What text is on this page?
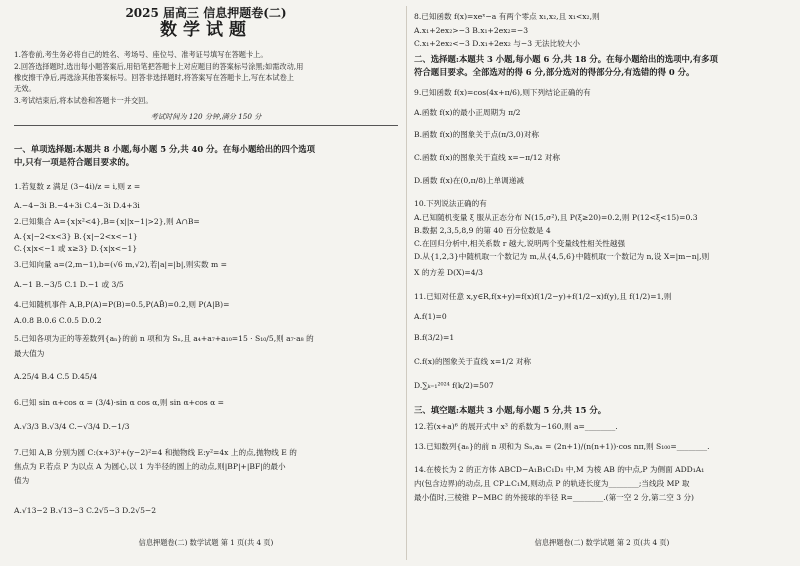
2025 届高三 信息押题卷(二)
数学试题
1.答卷前,考生务必将自己的姓名、考场号、座位号、准考证号填写在答题卡上。
2.回答选择题时,选出每小题答案后,用铅笔把答题卡上对应题目的答案标号涂黑;如需改动,用
橡皮擦干净后,再选涂其他答案标号。回答非选择题时,将答案写在答题卡上,写在本试卷上
无效。
3.考试结束后,将本试卷和答题卡一并交回。
考试时间为 120 分钟,满分 150 分
一、单项选择题:本题共 8 小题,每小题 5 分,共 40 分。在每小题给出的四个选项
中,只有一项是符合题目要求的。
1.若复数 z 满足 (3−4i)/z = i,则 z =
A.−4−3i B.−4+3i C.4−3i D.4+3i
2.已知集合 A={x|x²<4},B={x||x−1|>2},则 A∩B=
A.{x|−2<x<3} B.{x|−2<x<−1}
C.{x|x<−1 或 x≥3} D.{x|x<−1}
3.已知向量 a=(2,m−1),b=(√6 m,√2),若|a|=|b|,则实数 m =
A.−1 B.−3/5 C.1 D.−1 或 3/5
4.已知随机事件 A,B,P(A)=P(B)=0.5,P(AB̄)=0.2,则 P(A|B)=
A.0.8 B.0.6 C.0.5 D.0.2
5.已知各项为正的等差数列{aₙ}的前 n 项和为 Sₙ,且 a₄+a₇+a₁₀=15 · S₁₀/5,则 a₇·a₈ 的
最大值为
A.25/4 B.4 C.5 D.45/4
6.已知 sin α+cos α = (3/4)·sin α cos α,则 sin α+cos α =
A.√3/3 B.√3/4 C.−√3/4 D.−1/3
7.已知 A,B 分别为圆 C:(x+3)²+(y−2)²=4 和抛物线 E:y²=4x 上的点,抛物线 E 的
焦点为 F.若点 P 为以点 A 为圆心,以 1 为半径的圆上的动点,则|BP|+|BF|的最小
值为
A.√13−2 B.√13−3 C.2√5−3 D.2√5−2
信息押题卷(二) 数学试题 第 1 页(共 4 页)
8.已知函数 f(x)=xeˣ−a 有两个零点 x₁,x₂,且 x₁<x₂,则
A.x₁+2ex₂>−3 B.x₁+2ex₂=−3
C.x₁+2ex₂<−3 D.x₁+2ex₂ 与−3 无法比较大小
二、选择题:本题共 3 小题,每小题 6 分,共 18 分。在每小题给出的选项中,有多项
符合题目要求。全部选对的得 6 分,部分选对的得部分分,有选错的得 0 分。
9.已知函数 f(x)=cos(4x+π/6),则下列结论正确的有
A.函数 f(x)的最小正周期为 π/2
B.函数 f(x)的图象关于点(π/3,0)对称
C.函数 f(x)的图象关于直线 x=−π/12 对称
D.函数 f(x)在(0,π/8)上单调递减
10.下列说法正确的有
A.已知随机变量 ξ 服从正态分布 N(15,σ²),且 P(ξ≥20)=0.2,则 P(12<ξ<15)=0.3
B.数据 2,3,5,8,9 的第 40 百分位数是 4
C.在回归分析中,相关系数 r 越大,说明两个变量线性相关性越强
D.从{1,2,3}中随机取一个数记为 m,从{4,5,6}中随机取一个数记为 n,设 X=|m−n|,则
X 的方差 D(X)=4/3
11.已知对任意 x,y∈R,f(x+y)=f(x)f(1/2−y)+f(1/2−x)f(y),且 f(1/2)=1,则
A.f(1)=0
B.f(3/2)=1
C.f(x)的图象关于直线 x=1/2 对称
D.∑ₖ₌₁²⁰²⁴ f(k/2)=507
三、填空题:本题共 3 小题,每小题 5 分,共 15 分。
12.若(x+a)⁶ 的展开式中 x³ 的系数为−160,则 a=________.
13.已知数列{aₙ}的前 n 项和为 Sₙ,aₙ = (2n+1)/(n(n+1))·cos nπ,则 S₁₀₀=________.
14.在棱长为 2 的正方体 ABCD−A₁B₁C₁D₁ 中,M 为棱 AB 的中点,P 为侧面 ADD₁A₁
内(包含边界)的动点,且 CP⊥C₁M,则动点 P 的轨迹长度为________;当线段 MP 取
最小值时,三棱锥 P−MBC 的外接球的半径 R=________.(第一空 2 分,第二空 3 分)
信息押题卷(二) 数学试题 第 2 页(共 4 页)
